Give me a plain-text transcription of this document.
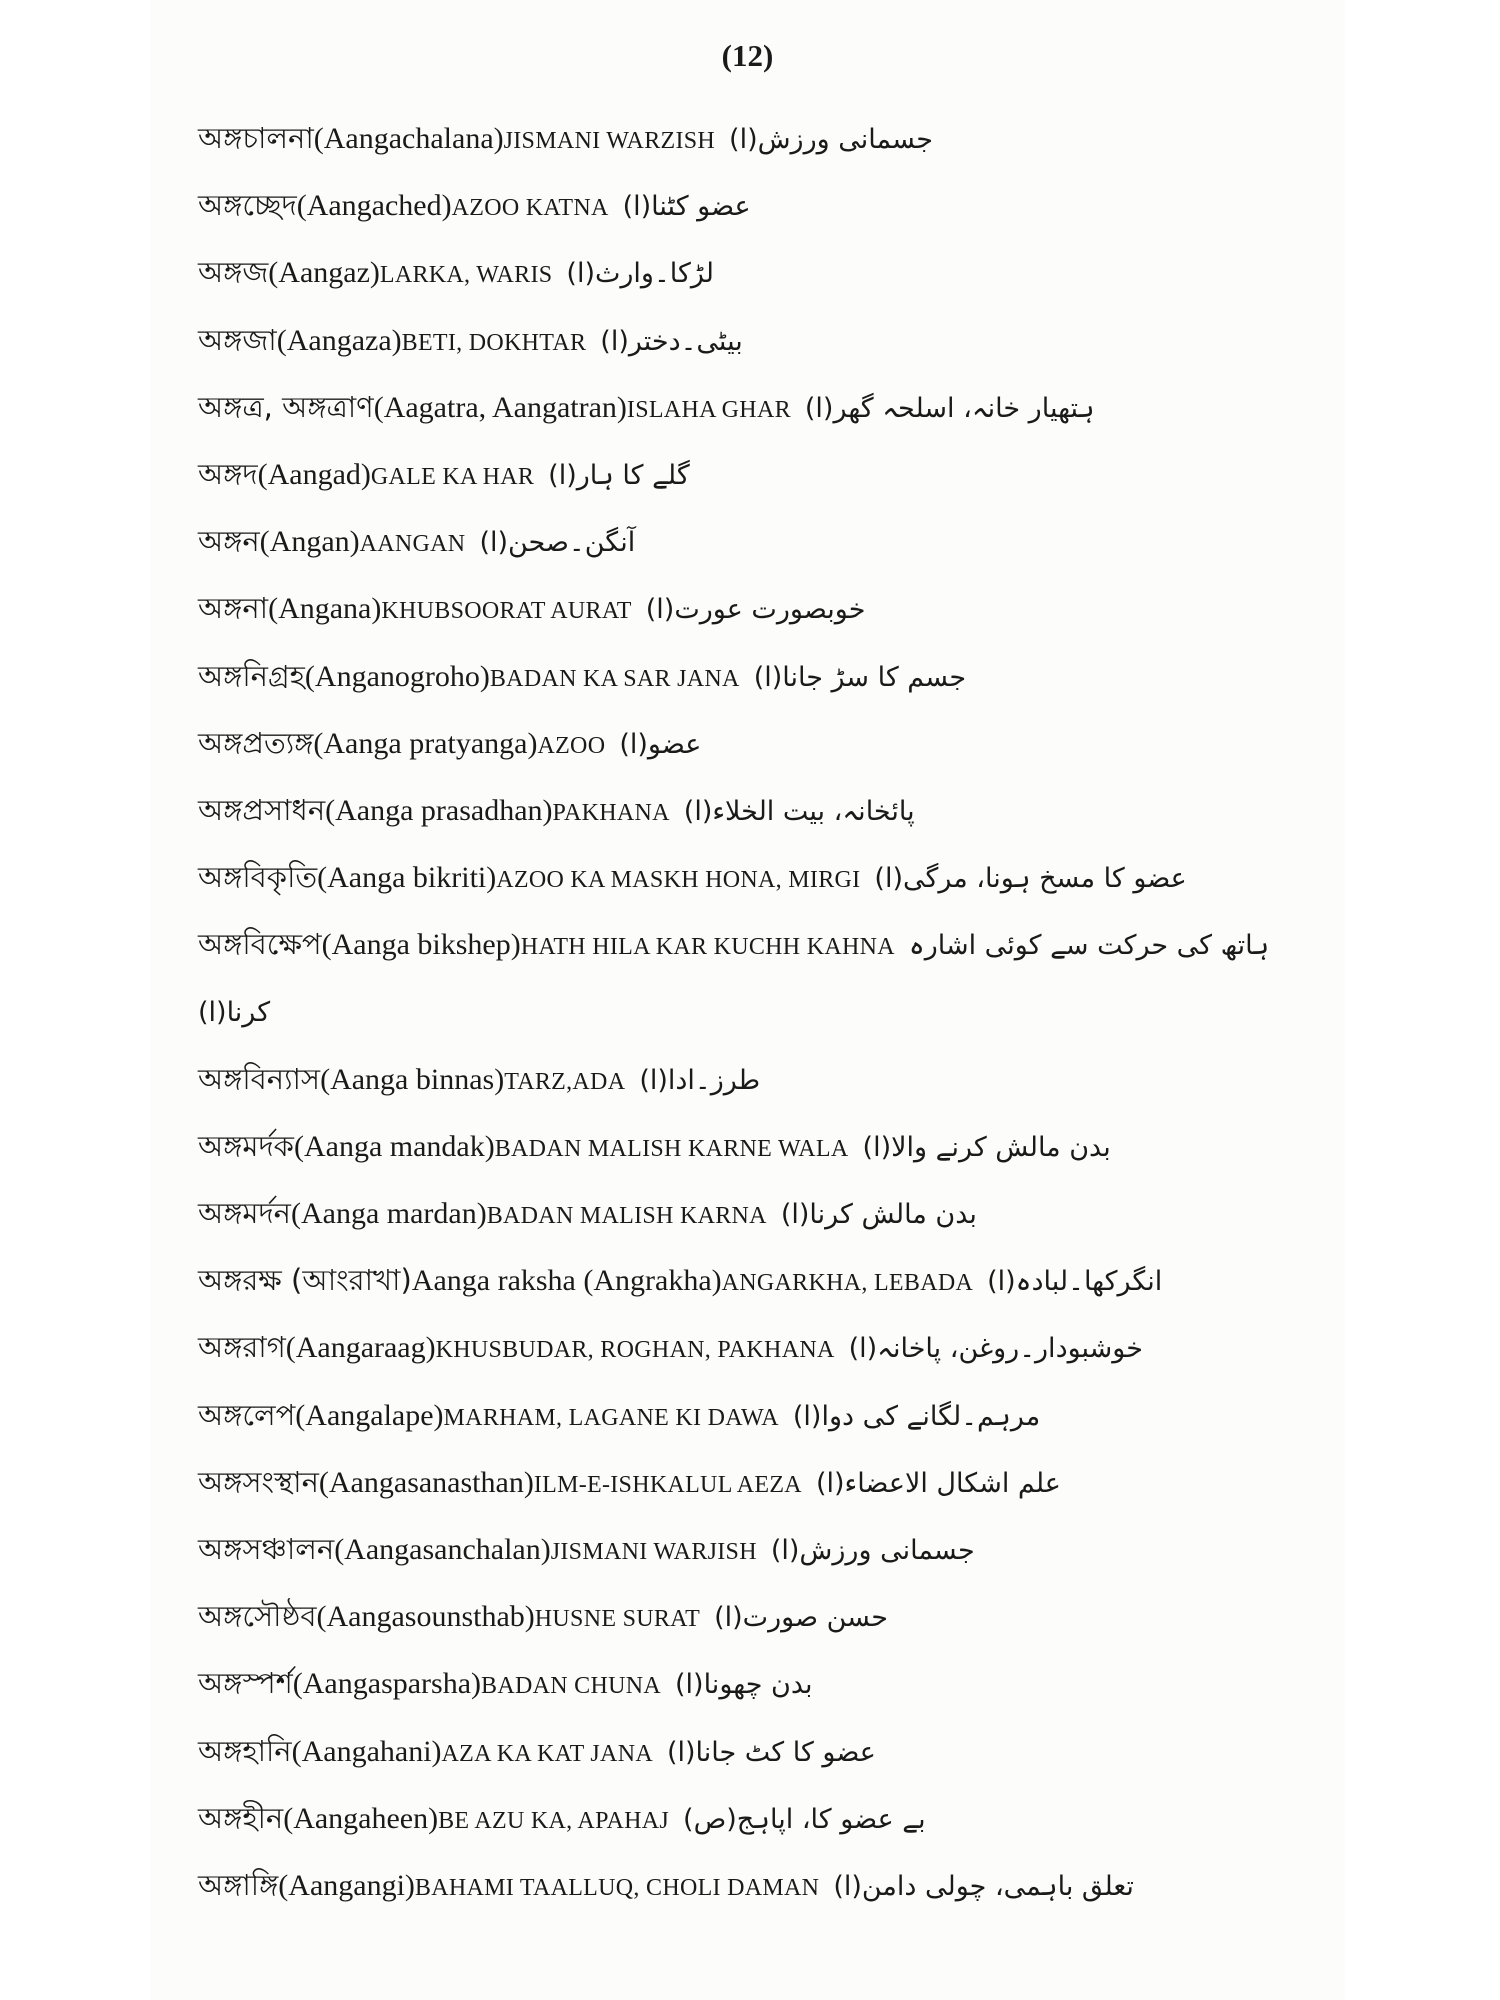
(12)
অঙ্গচালনা(Aangachalana)JISMANI WARZISH جسمانی ورزش(ا)
অঙ্গচ্ছেদ(Aangached)AZOO KATNA عضو کٹنا(ا)
অঙ্গজ(Aangaz)LARKA, WARIS لڑکا۔وارث(ا)
অঙ্গজা(Aangaza)BETI, DOKHTAR بیٹی۔دختر(ا)
অঙ্গত্র, অঙ্গত্রাণ(Aagatra, Aangatran)ISLAHA GHAR ہتھیار خانہ، اسلحہ گھر(ا)
অঙ্গদ(Aangad)GALE KA HAR گلے کا ہار(ا)
অঙ্গন(Angan)AANGAN آنگن۔صحن(ا)
অঙ্গনা(Angana)KHUBSOORAT AURAT خوبصورت عورت(ا)
অঙ্গনিগ্রহ(Anganogroho)BADAN KA SAR JANA جسم کا سڑ جانا(ا)
অঙ্গপ্রত্যঙ্গ(Aanga pratyanga)AZOO عضو(ا)
অঙ্গপ্রসাধন(Aanga prasadhan)PAKHANA پائخانہ، بیت الخلاء(ا)
অঙ্গবিকৃতি(Aanga bikriti)AZOO KA MASKH HONA, MIRGI عضو کا مسخ ہونا، مرگی(ا)
অঙ্গবিক্ষেপ(Aanga bikshep)HATH HILA KAR KUCHH KAHNA ہاتھ کی حرکت سے کوئی اشارہ
کرنا(ا)
অঙ্গবিন্যাস(Aanga binnas)TARZ,ADA طرز۔ادا(ا)
অঙ্গমর্দক(Aanga mandak)BADAN MALISH KARNE WALA بدن مالش کرنے والا(ا)
অঙ্গমর্দন(Aanga mardan)BADAN MALISH KARNA بدن مالش کرنا(ا)
অঙ্গরক্ষ (আংরাখা)Aanga raksha (Angrakha)ANGARKHA, LEBADA انگرکھا۔لبادہ(ا)
অঙ্গরাগ(Aangaraag)KHUSBUDAR, ROGHAN, PAKHANA خوشبودار۔روغن، پاخانہ(ا)
অঙ্গলেপ(Aangalape)MARHAM, LAGANE KI DAWA مرہم۔لگانے کی دوا(ا)
অঙ্গসংস্থান(Aangasanasthan)ILM-E-ISHKALUL AEZA علم اشکال الاعضاء(ا)
অঙ্গসঞ্চালন(Aangasanchalan)JISMANI WARJISH جسمانی ورزش(ا)
অঙ্গসৌষ্ঠব(Aangasounsthab)HUSNE SURAT حسن صورت(ا)
অঙ্গস্পর্শ(Aangasparsha)BADAN CHUNA بدن چھونا(ا)
অঙ্গহানি(Aangahani)AZA KA KAT JANA عضو کا کٹ جانا(ا)
অঙ্গহীন(Aangaheen)BE AZU KA, APAHAJ بے عضو کا، اپاہج(ص)
অঙ্গাঙ্গি(Aangangi)BAHAMI TAALLUQ, CHOLI DAMAN تعلق باہمی، چولی دامن(ا)
